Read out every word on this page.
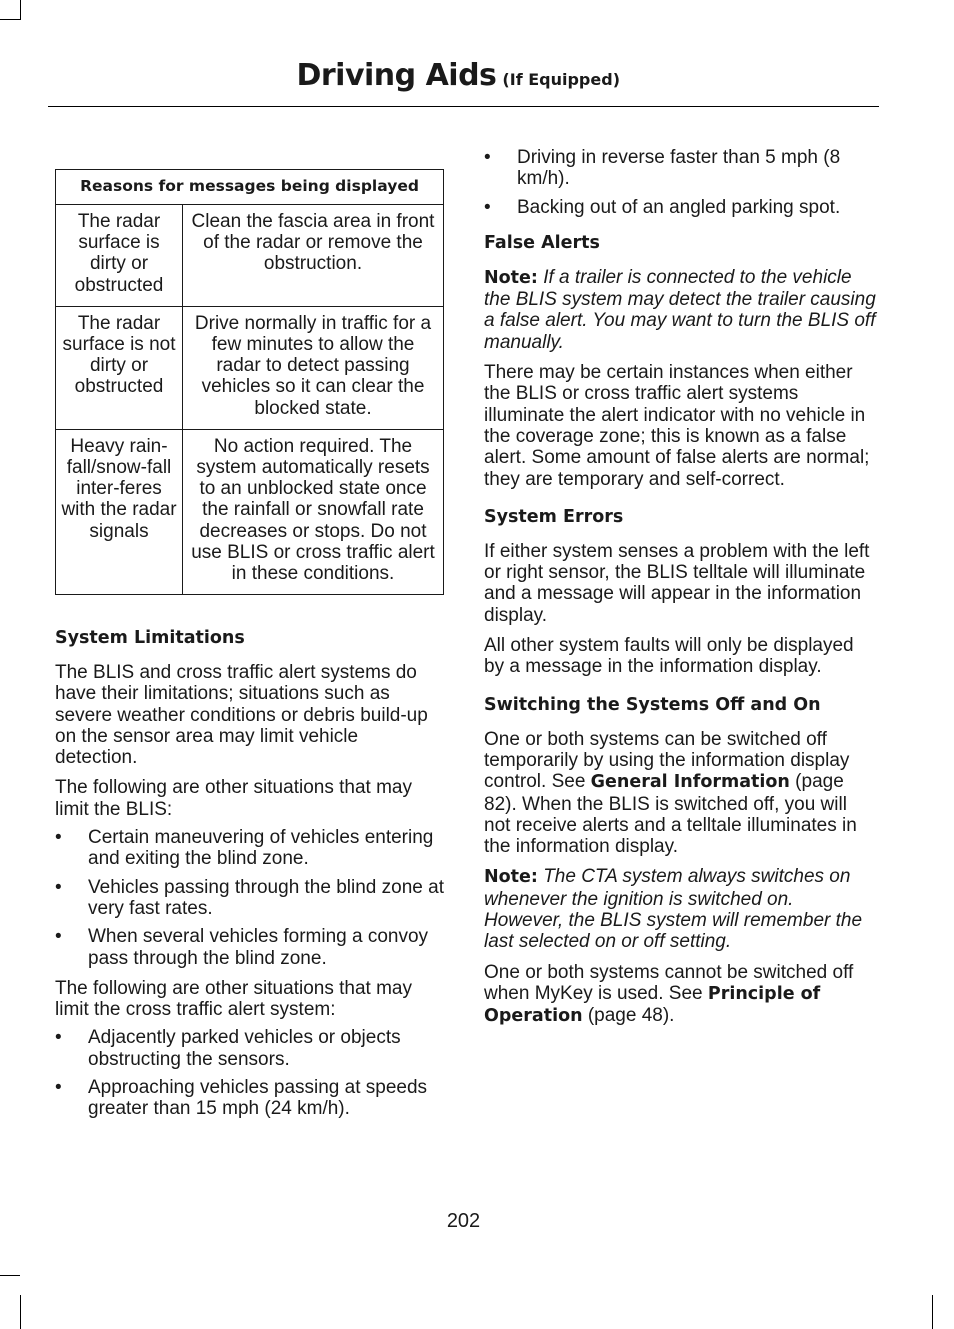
Driving Aids (If Equipped)
Reasons for messages being displayed	
The radar surface is dirty or obstructed	Clean the fascia area in front of the radar or remove the obstruction.
The radar surface is not dirty or obstructed	Drive normally in traffic for a few minutes to allow the radar to detect passing vehicles so it can clear the blocked state.
Heavy rain-fall/snow-fall inter-feres with the radar signals	No action required. The system automatically resets to an unblocked state once the rainfall or snowfall rate decreases or stops. Do not use BLIS or cross traffic alert in these conditions.
System Limitations

The BLIS and cross traffic alert systems do have their limitations; situations such as severe weather conditions or debris build-up on the sensor area may limit vehicle detection.

The following are other situations that may limit the BLIS:

• Certain maneuvering of vehicles entering and exiting the blind zone.
• Vehicles passing through the blind zone at very fast rates.
• When several vehicles forming a convoy pass through the blind zone.

The following are other situations that may limit the cross traffic alert system:

• Adjacently parked vehicles or objects obstructing the sensors.
• Approaching vehicles passing at speeds greater than 15 mph (24 km/h).
• Driving in reverse faster than 5 mph (8 km/h).
• Backing out of an angled parking spot.
False Alerts

Note: If a trailer is connected to the vehicle the BLIS system may detect the trailer causing a false alert. You may want to turn the BLIS off manually.

There may be certain instances when either the BLIS or cross traffic alert systems illuminate the alert indicator with no vehicle in the coverage zone; this is known as a false alert. Some amount of false alerts are normal; they are temporary and self-correct.

System Errors

If either system senses a problem with the left or right sensor, the BLIS telltale will illuminate and a message will appear in the information display.

All other system faults will only be displayed by a message in the information display.

Switching the Systems Off and On

One or both systems can be switched off temporarily by using the information display control. See General Information (page 82). When the BLIS is switched off, you will not receive alerts and a telltale illuminates in the information display.

Note: The CTA system always switches on whenever the ignition is switched on. However, the BLIS system will remember the last selected on or off setting.

One or both systems cannot be switched off when MyKey is used. See Principle of Operation (page 48).

202
